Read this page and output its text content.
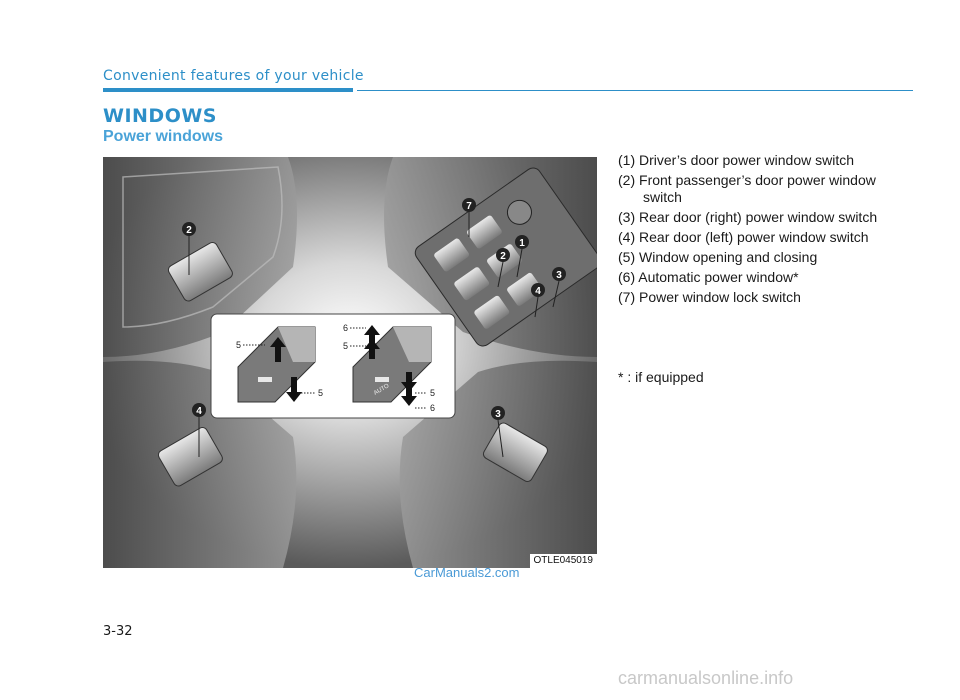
Convenient features of your vehicle
WINDOWS
Power windows
2
7
1
2
3
4
4	3
5
5
6
5
5
6
AUTO
OTLE045019
(1) Driver’s door power window switch
(2) Front passenger’s door power window switch
(3) Rear door (right) power window switch
(4) Rear door (left) power window switch
(5) Window opening and closing
(6) Automatic power window*
(7) Power window lock switch
* : if equipped
CarManuals2.com
3-32
carmanualsonline.info
